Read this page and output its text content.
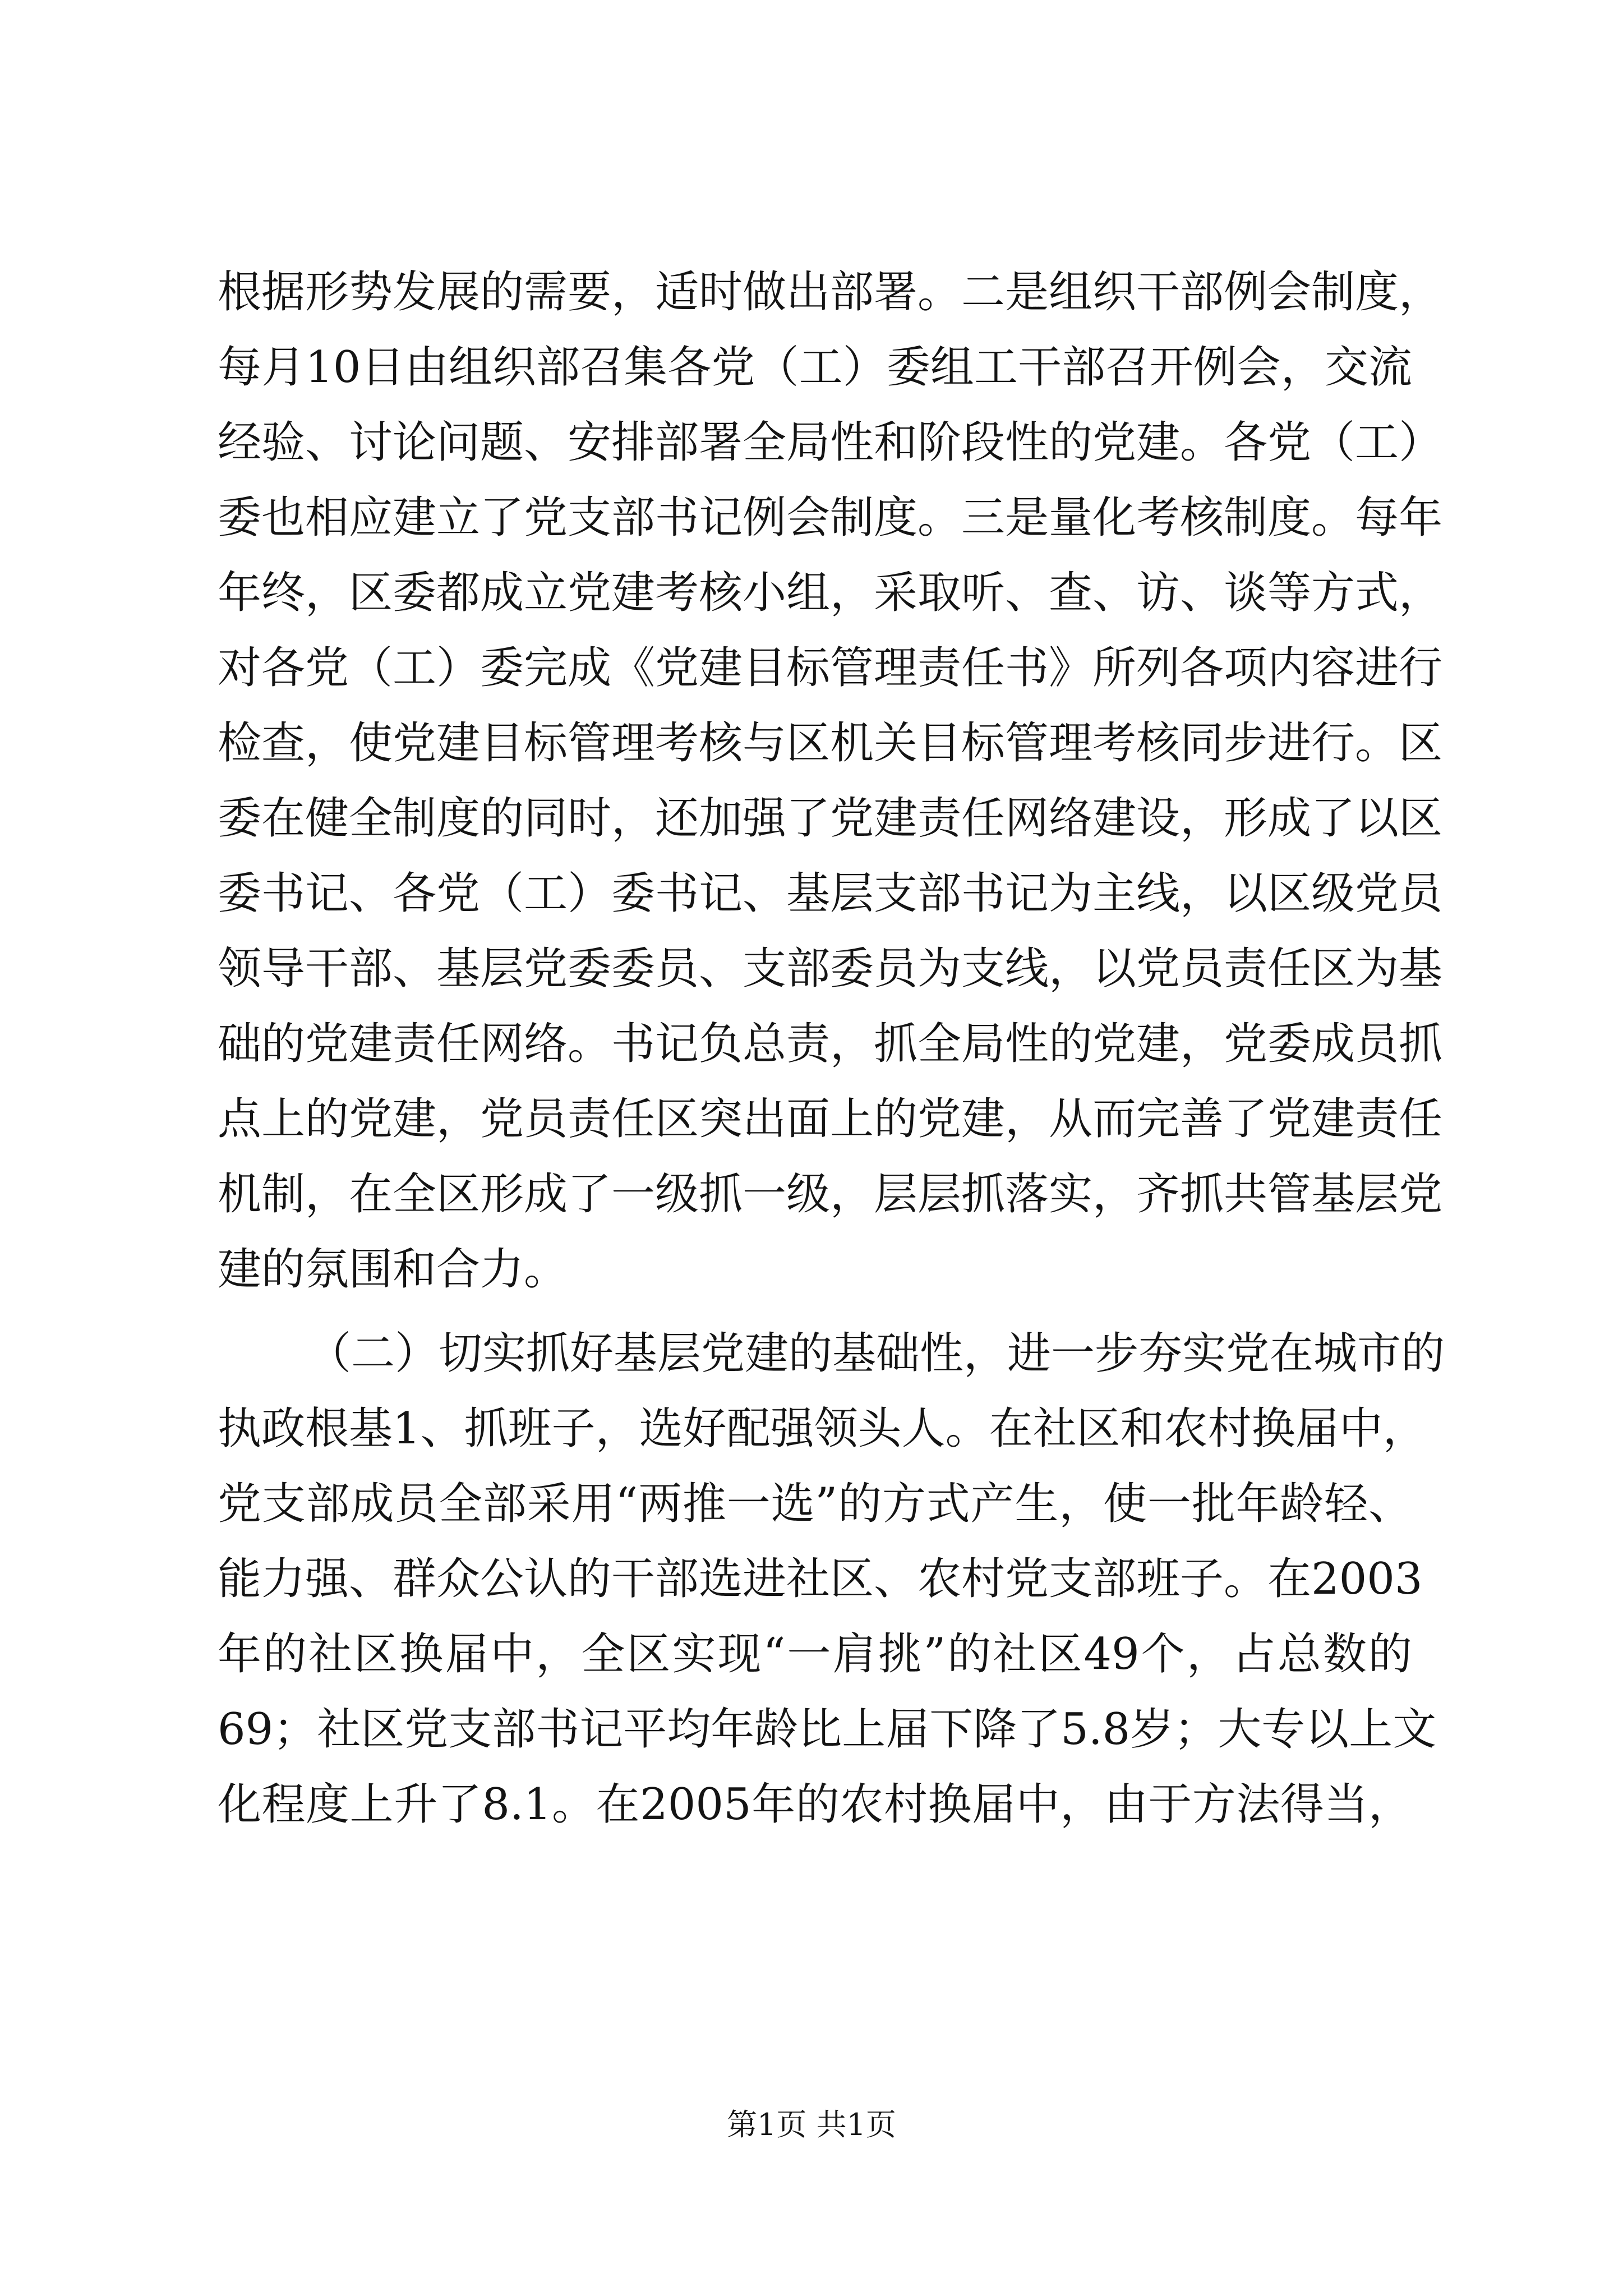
根据形势发展的需要，适时做出部署。二是组织干部例会制度，
每月10日由组织部召集各党（工）委组工干部召开例会，交流
经验、讨论问题、安排部署全局性和阶段性的党建。各党（工）
委也相应建立了党支部书记例会制度。三是量化考核制度。每年
年终，区委都成立党建考核小组，采取听、查、访、谈等方式，
对各党（工）委完成《党建目标管理责任书》所列各项内容进行
检查，使党建目标管理考核与区机关目标管理考核同步进行。区
委在健全制度的同时，还加强了党建责任网络建设，形成了以区
委书记、各党（工）委书记、基层支部书记为主线，以区级党员
领导干部、基层党委委员、支部委员为支线，以党员责任区为基
础的党建责任网络。书记负总责，抓全局性的党建，党委成员抓
点上的党建，党员责任区突出面上的党建，从而完善了党建责任
机制，在全区形成了一级抓一级，层层抓落实，齐抓共管基层党
建的氛围和合力。
（二）切实抓好基层党建的基础性，进一步夯实党在城市的
执政根基1、抓班子，选好配强领头人。在社区和农村换届中，
党支部成员全部采用“两推一选”的方式产生，使一批年龄轻、
能力强、群众公认的干部选进社区、农村党支部班子。在2003
年的社区换届中，全区实现“一肩挑”的社区49个，占总数的
69；社区党支部书记平均年龄比上届下降了5.8岁；大专以上文
化程度上升了8.1。在2005年的农村换届中，由于方法得当，
第1页 共1页
